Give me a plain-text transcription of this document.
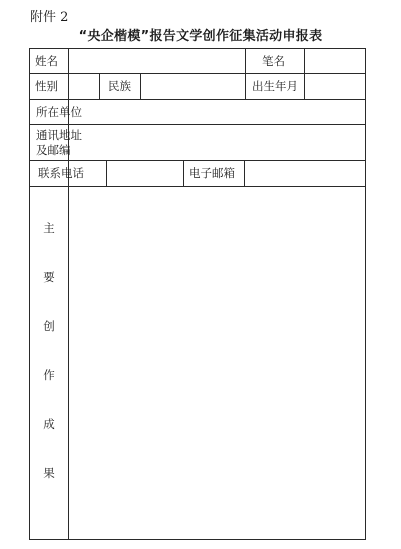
附件 2
“央企楷模”报告文学创作征集活动申报表
姓名	笔名
性别	民族	出生年月
所在单位
通讯地址
及邮编
联系电话	电子邮箱
主
要
创
作
成
果
